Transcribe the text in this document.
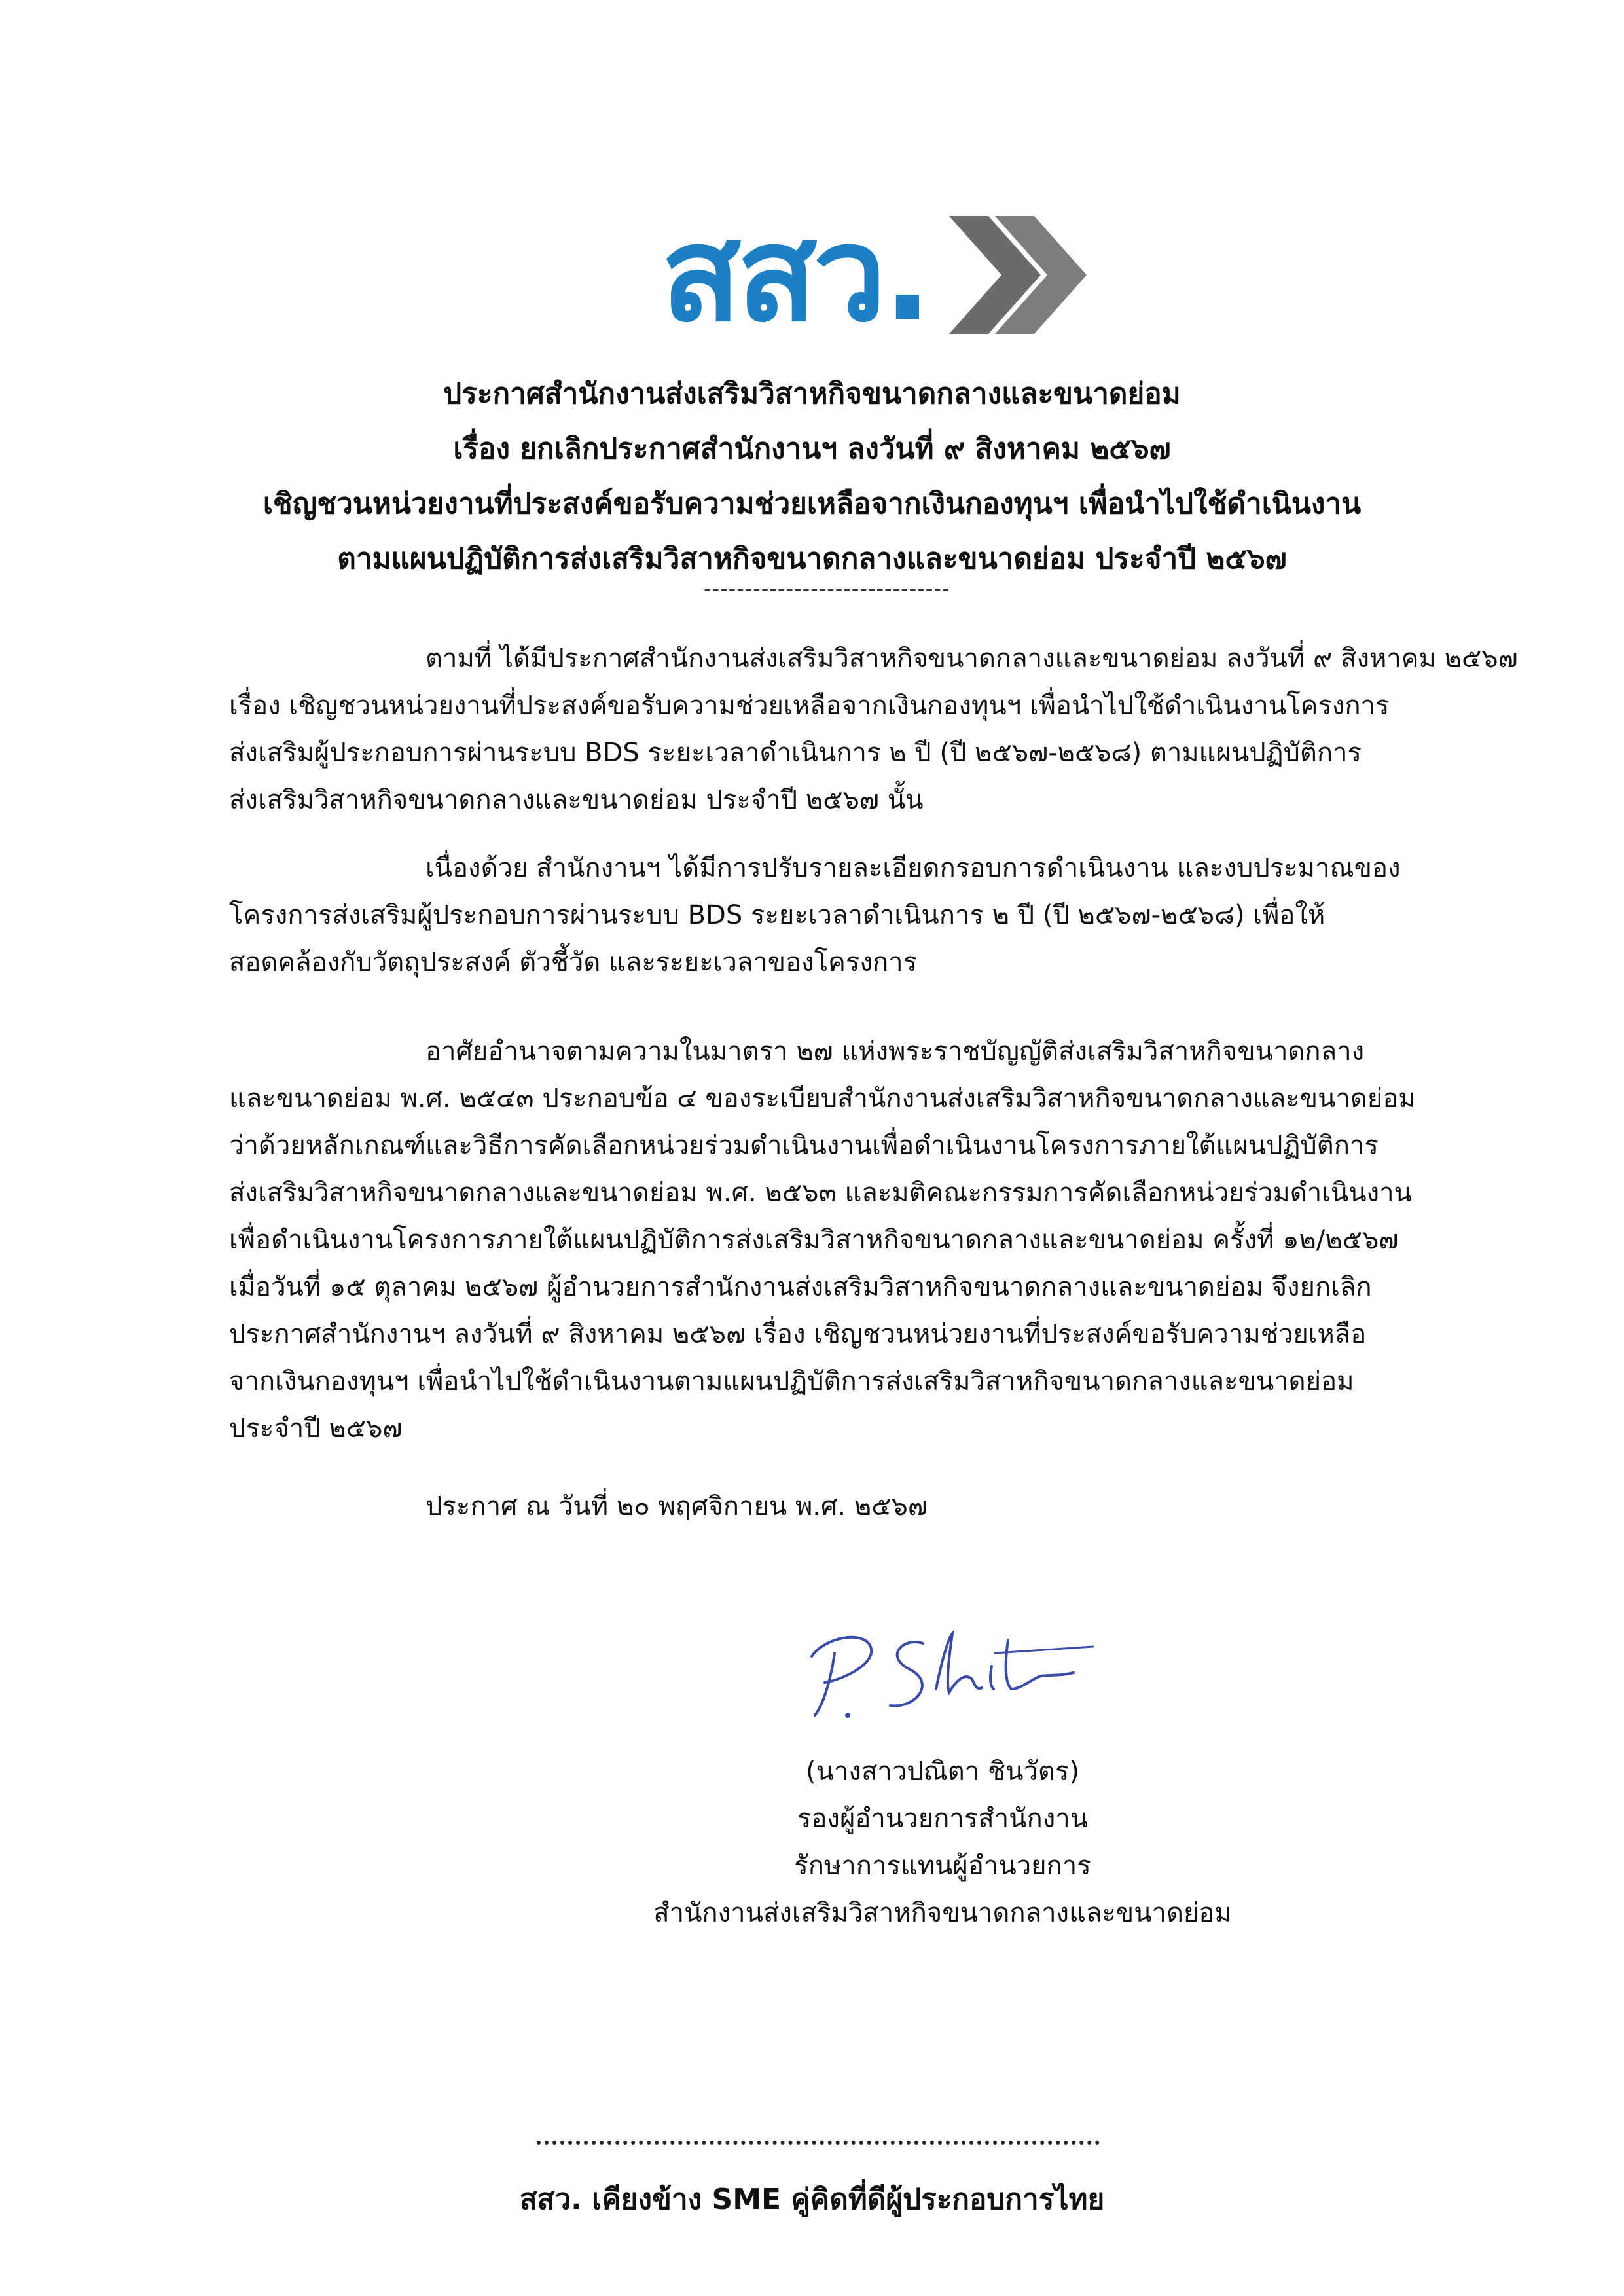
สสว.
ประกาศสำนักงานส่งเสริมวิสาหกิจขนาดกลางและขนาดย่อม
เรื่อง ยกเลิกประกาศสำนักงานฯ ลงวันที่ ๙ สิงหาคม ๒๕๖๗
เชิญชวนหน่วยงานที่ประสงค์ขอรับความช่วยเหลือจากเงินกองทุนฯ เพื่อนำไปใช้ดำเนินงาน
ตามแผนปฏิบัติการส่งเสริมวิสาหกิจขนาดกลางและขนาดย่อม ประจำปี ๒๕๖๗
------------------------------
ตามที่ ได้มีประกาศสำนักงานส่งเสริมวิสาหกิจขนาดกลางและขนาดย่อม ลงวันที่ ๙ สิงหาคม ๒๕๖๗
เรื่อง เชิญชวนหน่วยงานที่ประสงค์ขอรับความช่วยเหลือจากเงินกองทุนฯ เพื่อนำไปใช้ดำเนินงานโครงการ
ส่งเสริมผู้ประกอบการผ่านระบบ BDS ระยะเวลาดำเนินการ ๒ ปี (ปี ๒๕๖๗-๒๕๖๘) ตามแผนปฏิบัติการ
ส่งเสริมวิสาหกิจขนาดกลางและขนาดย่อม ประจำปี ๒๕๖๗ นั้น
เนื่องด้วย สำนักงานฯ ได้มีการปรับรายละเอียดกรอบการดำเนินงาน และงบประมาณของ
โครงการส่งเสริมผู้ประกอบการผ่านระบบ BDS ระยะเวลาดำเนินการ ๒ ปี (ปี ๒๕๖๗-๒๕๖๘) เพื่อให้
สอดคล้องกับวัตถุประสงค์ ตัวชี้วัด และระยะเวลาของโครงการ
อาศัยอำนาจตามความในมาตรา ๒๗ แห่งพระราชบัญญัติส่งเสริมวิสาหกิจขนาดกลาง
และขนาดย่อม พ.ศ. ๒๕๔๓ ประกอบข้อ ๔ ของระเบียบสำนักงานส่งเสริมวิสาหกิจขนาดกลางและขนาดย่อม
ว่าด้วยหลักเกณฑ์และวิธีการคัดเลือกหน่วยร่วมดำเนินงานเพื่อดำเนินงานโครงการภายใต้แผนปฏิบัติการ
ส่งเสริมวิสาหกิจขนาดกลางและขนาดย่อม พ.ศ. ๒๕๖๓ และมติคณะกรรมการคัดเลือกหน่วยร่วมดำเนินงาน
เพื่อดำเนินงานโครงการภายใต้แผนปฏิบัติการส่งเสริมวิสาหกิจขนาดกลางและขนาดย่อม ครั้งที่ ๑๒/๒๕๖๗
เมื่อวันที่ ๑๕ ตุลาคม ๒๕๖๗ ผู้อำนวยการสำนักงานส่งเสริมวิสาหกิจขนาดกลางและขนาดย่อม จึงยกเลิก
ประกาศสำนักงานฯ ลงวันที่ ๙ สิงหาคม ๒๕๖๗ เรื่อง เชิญชวนหน่วยงานที่ประสงค์ขอรับความช่วยเหลือ
จากเงินกองทุนฯ เพื่อนำไปใช้ดำเนินงานตามแผนปฏิบัติการส่งเสริมวิสาหกิจขนาดกลางและขนาดย่อม
ประจำปี ๒๕๖๗
ประกาศ ณ วันที่ ๒๐ พฤศจิกายน พ.ศ. ๒๕๖๗
(นางสาวปณิตา ชินวัตร)
รองผู้อำนวยการสำนักงาน
รักษาการแทนผู้อำนวยการ
สำนักงานส่งเสริมวิสาหกิจขนาดกลางและขนาดย่อม
สสว. เคียงข้าง SME คู่คิดที่ดีผู้ประกอบการไทย
